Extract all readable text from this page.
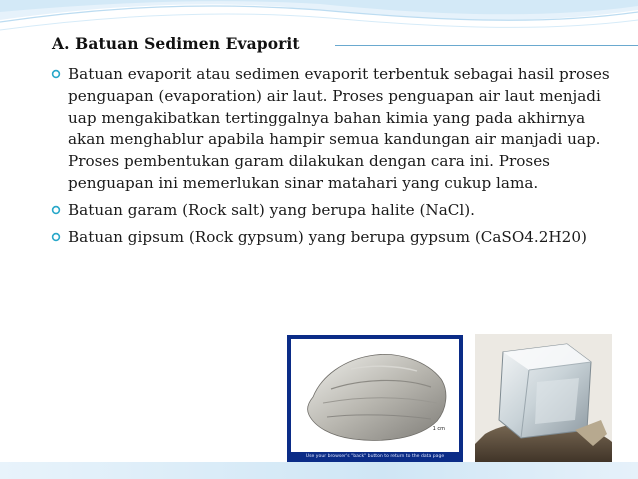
A. Batuan Sedimen Evaporit
Batuan evaporit atau sedimen evaporit terbentuk sebagai hasil proses penguapan (evaporation) air laut. Proses penguapan air laut menjadi uap mengakibatkan tertinggalnya bahan kimia yang pada akhirnya akan menghablur apabila hampir semua kandungan air manjadi uap. Proses pembentukan garam dilakukan dengan cara ini. Proses penguapan ini memerlukan sinar matahari yang cukup lama.
Batuan garam (Rock salt) yang berupa halite (NaCl).
Batuan gipsum (Rock gypsum) yang berupa gypsum (CaSO4.2H20)
1 cm
Use your browser's "back" button to return to the data page
